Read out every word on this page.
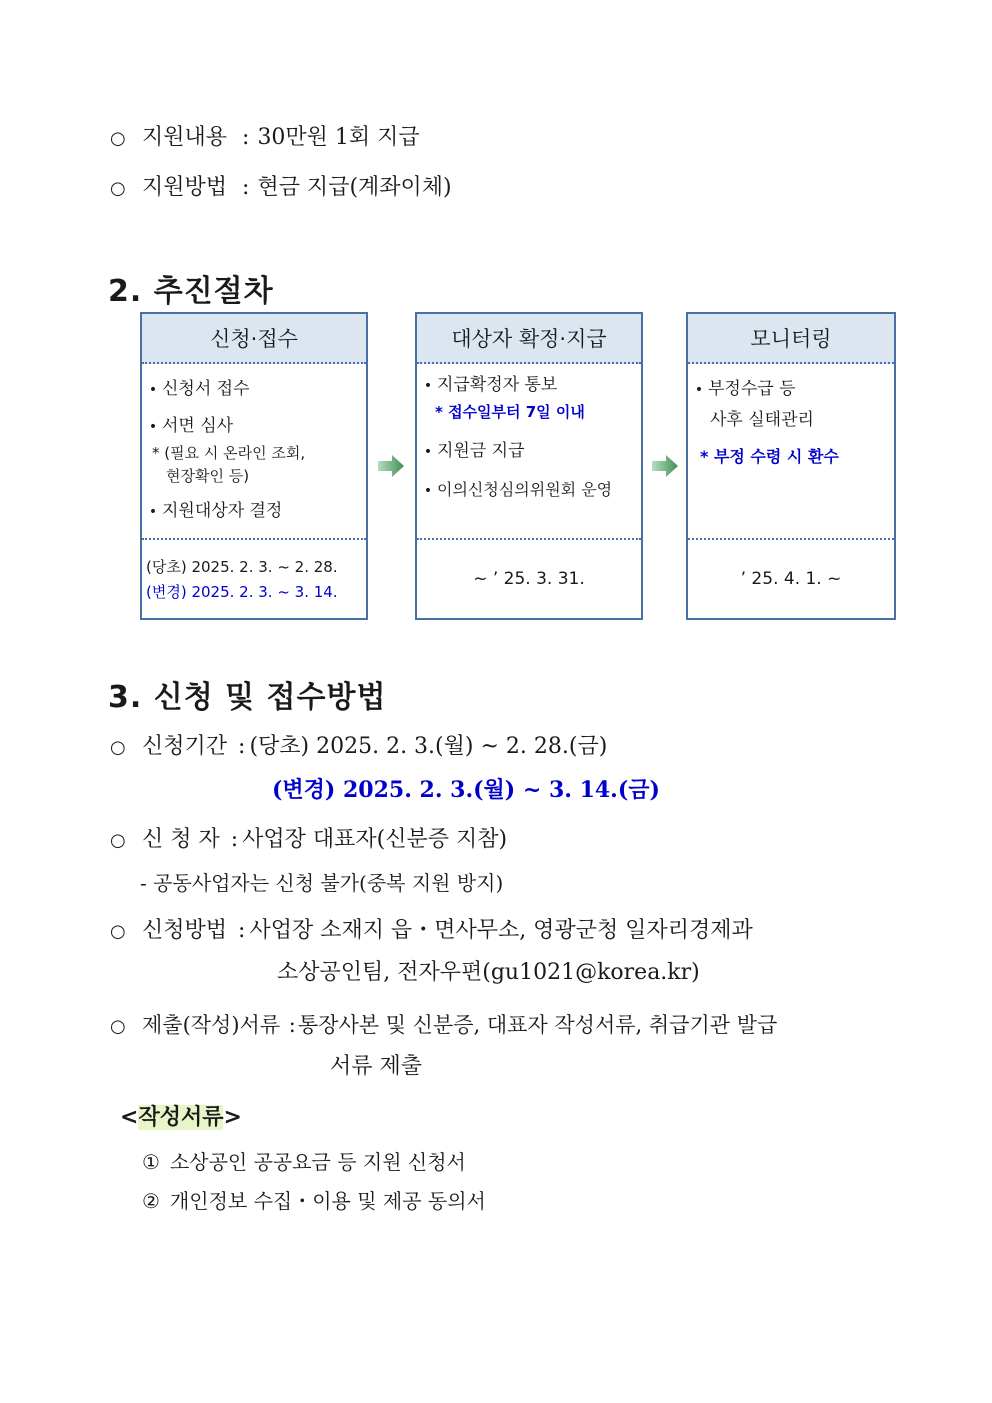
○ 지원내용 : 30만원 1회 지급
○ 지원방법 : 현금 지급(계좌이체)
2. 추진절차
신청·접수
• 신청서 접수
• 서면 심사
* (필요 시 온라인 조회,
현장확인 등)
• 지원대상자 결정
(당초) 2025. 2. 3. ~ 2. 28.
(변경) 2025. 2. 3. ~ 3. 14.
대상자 확정·지급
• 지급확정자 통보
* 접수일부터 7일 이내
• 지원금 지급
• 이의신청심의위원회 운영
~ ’ 25. 3. 31.
모니터링
• 부정수급 등
사후 실태관리
* 부정 수령 시 환수
’ 25. 4. 1. ~
3. 신청 및 접수방법
○ 신청기간 : (당초) 2025. 2. 3.(월) ~ 2. 28.(금)
(변경) 2025. 2. 3.(월) ~ 3. 14.(금)
○ 신 청 자 : 사업장 대표자(신분증 지참)
- 공동사업자는 신청 불가(중복 지원 방지)
○ 신청방법 : 사업장 소재지 읍・면사무소, 영광군청 일자리경제과
소상공인팀, 전자우편(gu1021@korea.kr)
○ 제출(작성)서류 :통장사본 및 신분증, 대표자 작성서류, 취급기관 발급
서류 제출
<작성서류>
① 소상공인 공공요금 등 지원 신청서
② 개인정보 수집・이용 및 제공 동의서
